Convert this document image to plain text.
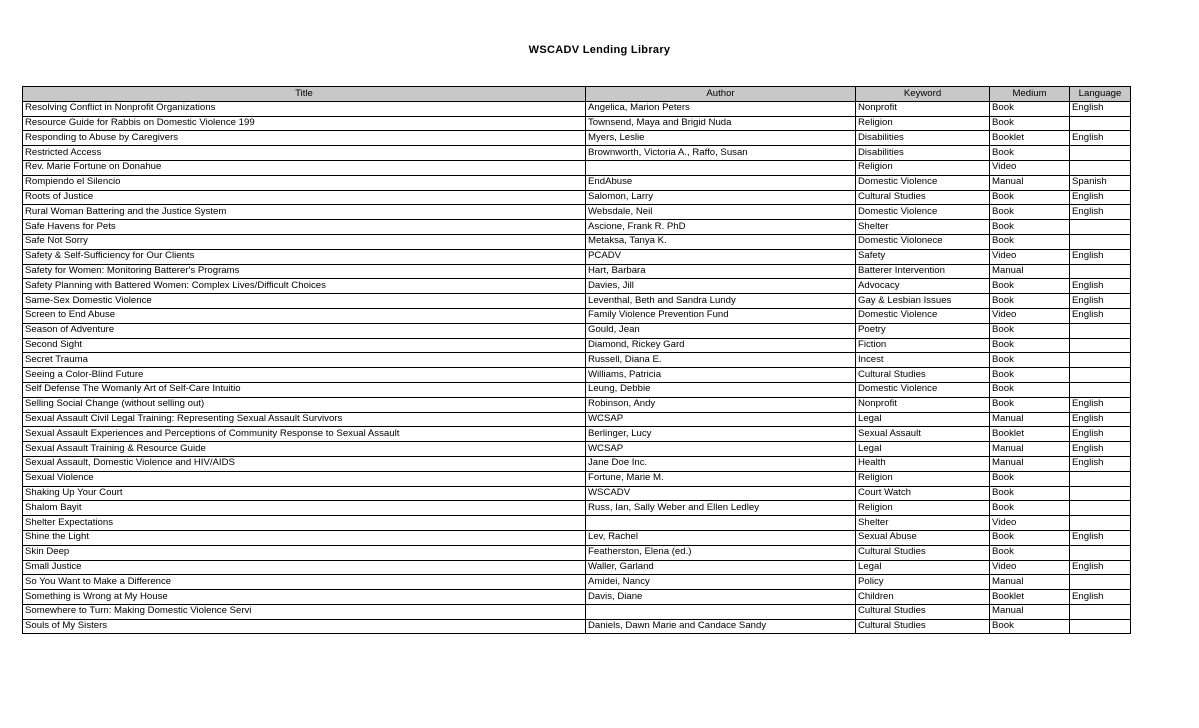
WSCADV Lending Library
Title	Author	Keyword	Medium	Language
Resolving Conflict in Nonprofit Organizations	Angelica, Marion Peters	Nonprofit	Book	English
Resource Guide for Rabbis on Domestic Violence 199	Townsend, Maya and Brigid Nuda	Religion	Book	
Responding to Abuse by Caregivers	Myers, Leslie	Disabilities	Booklet	English
Restricted Access	Brownworth, Victoria A., Raffo, Susan	Disabilities	Book	
Rev. Marie Fortune on Donahue		Religion	Video	
Rompiendo el Silencio	EndAbuse	Domestic Violence	Manual	Spanish
Roots of Justice	Salomon, Larry	Cultural Studies	Book	English
Rural Woman Battering and the Justice System	Websdale, Neil	Domestic Violence	Book	English
Safe Havens for Pets	Ascione, Frank R. PhD	Shelter	Book	
Safe Not Sorry	Metaksa, Tanya K.	Domestic Violonece	Book	
Safety & Self-Sufficiency for Our Clients	PCADV	Safety	Video	English
Safety for Women: Monitoring Batterer's Programs	Hart, Barbara	Batterer Intervention	Manual	
Safety Planning with Battered Women: Complex Lives/Difficult Choices	Davies, Jill	Advocacy	Book	English
Same-Sex Domestic Violence	Leventhal, Beth and Sandra Lundy	Gay & Lesbian Issues	Book	English
Screen to End Abuse	Family Violence Prevention Fund	Domestic Violence	Video	English
Season of Adventure	Gould, Jean	Poetry	Book	
Second Sight	Diamond, Rickey Gard	Fiction	Book	
Secret Trauma	Russell, Diana E.	Incest	Book	
Seeing a Color-Blind Future	Williams, Patricia	Cultural Studies	Book	
Self Defense The Womanly Art of Self-Care Intuitio	Leung, Debbie	Domestic Violence	Book	
Selling Social Change (without selling out)	Robinson, Andy	Nonprofit	Book	English
Sexual Assault Civil Legal Training: Representing Sexual Assault Survivors	WCSAP	Legal	Manual	English
Sexual Assault Experiences and Perceptions of Community Response to Sexual Assault	Berlinger, Lucy	Sexual Assault	Booklet	English
Sexual Assault Training & Resource Guide	WCSAP	Legal	Manual	English
Sexual Assault, Domestic Violence and HIV/AIDS	Jane Doe Inc.	Health	Manual	English
Sexual Violence	Fortune, Marie M.	Religion	Book	
Shaking Up Your Court	WSCADV	Court Watch	Book	
Shalom Bayit	Russ, Ian, Sally Weber and Ellen Ledley	Religion	Book	
Shelter Expectations		Shelter	Video	
Shine the Light	Lev, Rachel	Sexual Abuse	Book	English
Skin Deep	Featherston, Elena (ed.)	Cultural Studies	Book	
Small Justice	Waller, Garland	Legal	Video	English
So You Want to Make a Difference	Amidei, Nancy	Policy	Manual	
Something is Wrong at My House	Davis, Diane	Children	Booklet	English
Somewhere to Turn: Making Domestic Violence Servi		Cultural Studies	Manual	
Souls of My Sisters	Daniels, Dawn Marie and Candace Sandy	Cultural Studies	Book	
